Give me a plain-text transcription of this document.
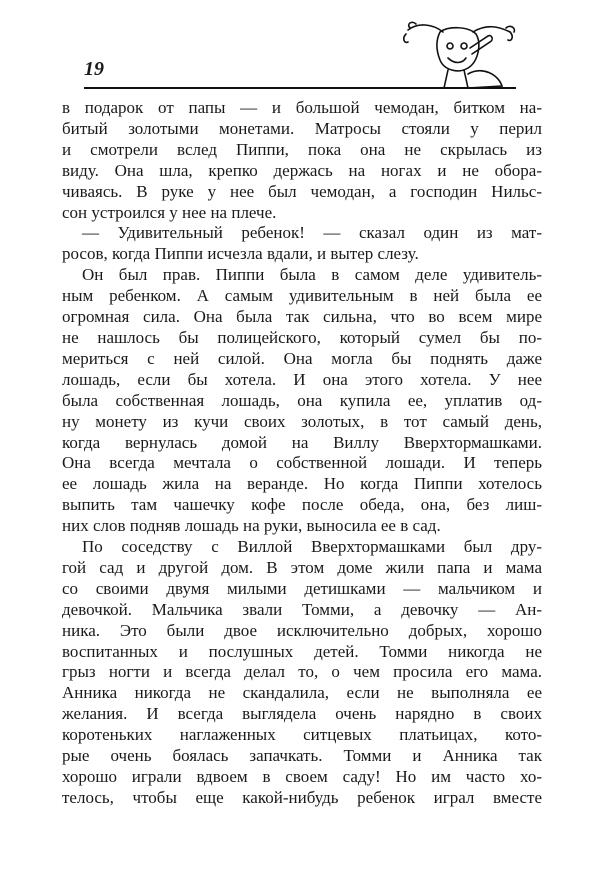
19
в подарок от папы — и большой чемодан, битком на-
битый золотыми монетами. Матросы стояли у перил
и смотрели вслед Пиппи, пока она не скрылась из
виду. Она шла, крепко держась на ногах и не обора-
чиваясь. В руке у нее был чемодан, а господин Нильс-
сон устроился у нее на плече.
— Удивительный ребенок! — сказал один из мат-
росов, когда Пиппи исчезла вдали, и вытер слезу.
Он был прав. Пиппи была в самом деле удивитель-
ным ребенком. А самым удивительным в ней была ее
огромная сила. Она была так сильна, что во всем мире
не нашлось бы полицейского, который сумел бы по-
мериться с ней силой. Она могла бы поднять даже
лошадь, если бы хотела. И она этого хотела. У нее
была собственная лошадь, она купила ее, уплатив од-
ну монету из кучи своих золотых, в тот самый день,
когда вернулась домой на Виллу Вверхтормашками.
Она всегда мечтала о собственной лошади. И теперь
ее лошадь жила на веранде. Но когда Пиппи хотелось
выпить там чашечку кофе после обеда, она, без лиш-
них слов подняв лошадь на руки, выносила ее в сад.
По соседству с Виллой Вверхтормашками был дру-
гой сад и другой дом. В этом доме жили папа и мама
со своими двумя милыми детишками — мальчиком и
девочкой. Мальчика звали Томми, а девочку — Ан-
ника. Это были двое исключительно добрых, хорошо
воспитанных и послушных детей. Томми никогда не
грыз ногти и всегда делал то, о чем просила его мама.
Анника никогда не скандалила, если не выполняла ее
желания. И всегда выглядела очень нарядно в своих
коротеньких наглаженных ситцевых платьицах, кото-
рые очень боялась запачкать. Томми и Анника так
хорошо играли вдвоем в своем саду! Но им часто хо-
телось, чтобы еще какой-нибудь ребенок играл вместе
